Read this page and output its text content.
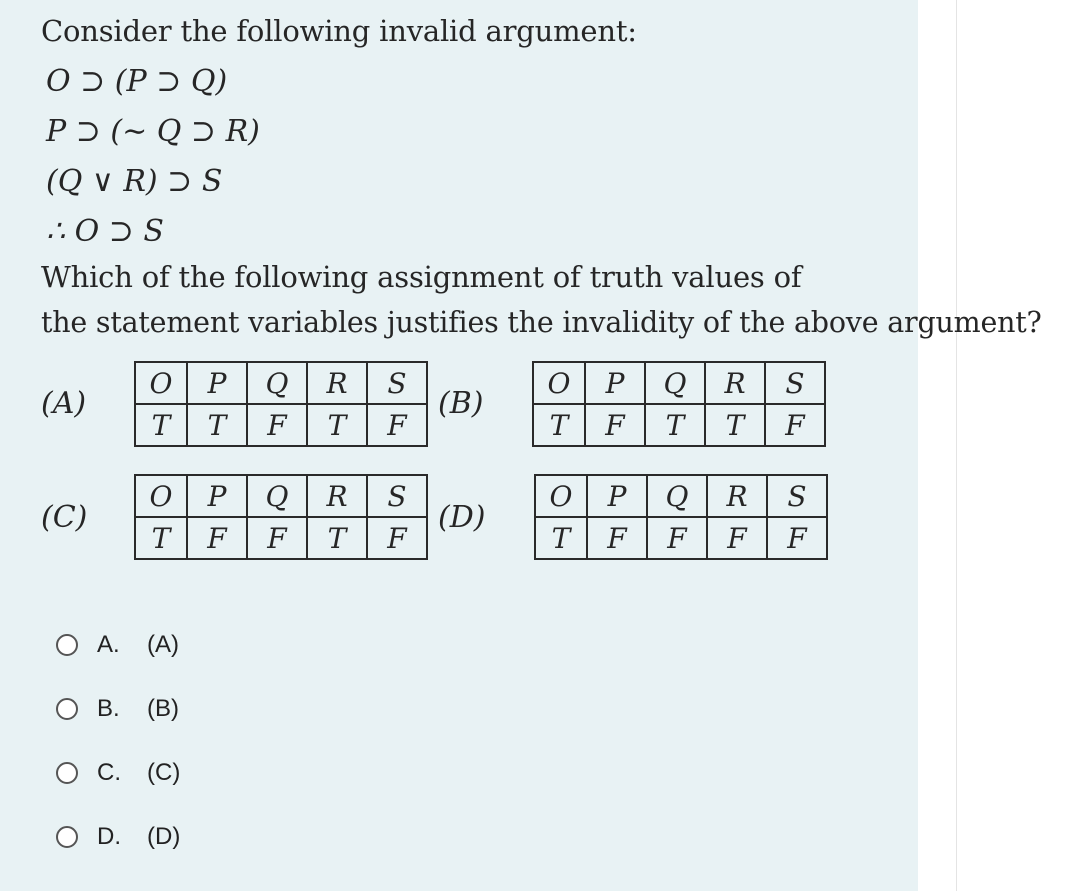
Consider the following invalid argument:
O ⊃ (P ⊃ Q)
P ⊃ (∼ Q ⊃ R)
(Q ∨ R) ⊃ S
∴ O ⊃ S
Which of the following assignment of truth values of
the statement variables justifies the invalidity of the above argument?
(A)
O	P	Q	R	S
T	T	F	T	F
(B)
O	P	Q	R	S
T	F	T	T	F
(C)
O	P	Q	R	S
T	F	F	T	F
(D)
O	P	Q	R	S
T	F	F	F	F
A.	(A)
B.	(B)
C.	(C)
D.	(D)
